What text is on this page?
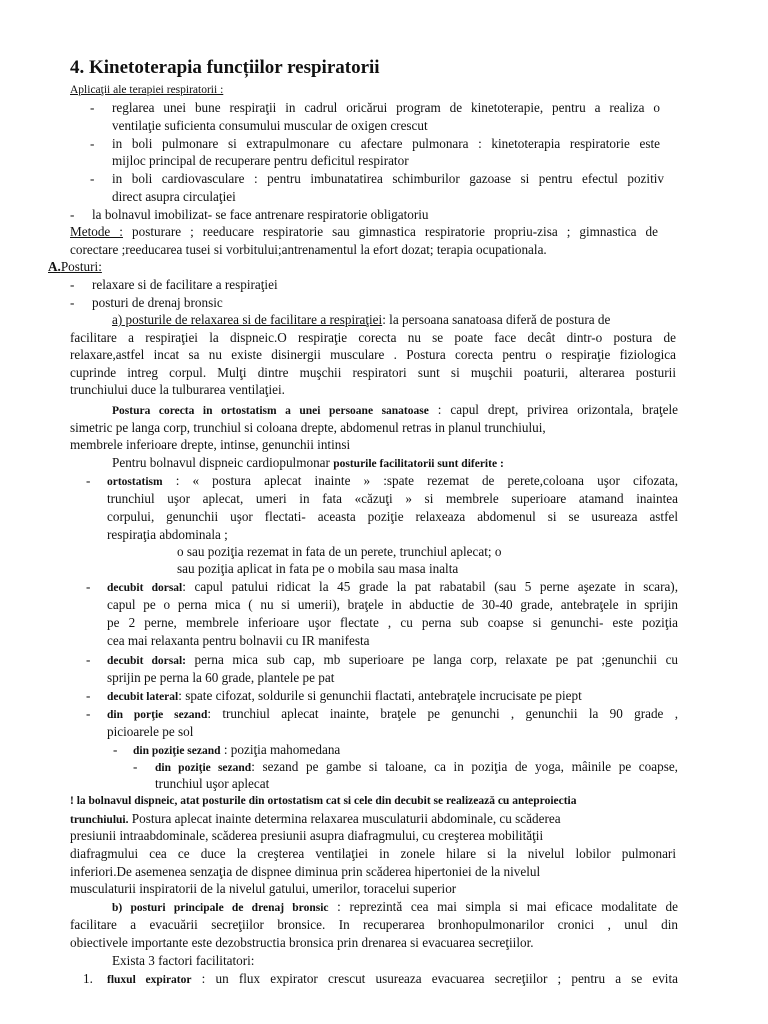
4. Kinetoterapia funcțiilor respiratorii
Aplicaţii ale terapiei respiratorii :
- reglarea unei bune respiraţii in cadrul oricărui program de kinetoterapie, pentru a realiza o
ventilaţie suficienta consumului muscular de oxigen crescut
- in boli pulmonare si extrapulmonare cu afectare pulmonara : kinetoterapia respiratorie este
mijloc principal de recuperare pentru deficitul respirator
- in boli cardiovasculare : pentru imbunatatirea schimburilor gazoase si pentru efectul pozitiv
direct asupra circulaţiei
- la bolnavul imobilizat- se face antrenare respiratorie obligatoriu
Metode : posturare ; reeducare respiratorie sau gimnastica respiratorie propriu-zisa ; gimnastica de
corectare ;reeducarea tusei si vorbitului;antrenamentul la efort dozat; terapia ocupationala.
A.Posturi:
- relaxare si de facilitare a respiraţiei
- posturi de drenaj bronsic
a) posturile de relaxarea si de facilitare a respiraţiei: la persoana sanatoasa diferă de postura de
facilitare a respiraţiei la dispneic.O respiraţie corecta nu se poate face decât dintr-o postura de
relaxare,astfel incat sa nu existe disinergii musculare . Postura corecta pentru o respiraţie fiziologica
cuprinde intreg corpul. Mulţi dintre muşchii respiratori sunt si muşchii poaturii, alterarea posturii
trunchiului duce la tulburarea ventilaţiei.
Postura corecta in ortostatism a unei persoane sanatoase : capul drept, privirea orizontala, braţele
simetric pe langa corp, trunchiul si coloana drepte, abdomenul retras in planul trunchiului,
membrele inferioare drepte, intinse, genunchii intinsi
Pentru bolnavul dispneic cardiopulmonar posturile facilitatorii sunt diferite :
- ortostatism : « postura aplecat inainte » :spate rezemat de perete,coloana uşor cifozata,
trunchiul uşor aplecat, umeri in fata «căzuţi » si membrele superioare atamand inaintea
corpului, genunchii uşor flectati- aceasta poziţie relaxeaza abdomenul si se usureaza astfel
respiraţia abdominala ;
o sau poziţia rezemat in fata de un perete, trunchiul aplecat; o
sau poziţia aplicat in fata pe o mobila sau masa inalta
- decubit dorsal: capul patului ridicat la 45 grade la pat rabatabil (sau 5 perne aşezate in scara),
capul pe o perna mica ( nu si umerii), braţele in abductie de 30-40 grade, antebraţele in sprijin
pe 2 perne, membrele inferioare uşor flectate , cu perna sub coapse si genunchi- este poziţia
cea mai relaxanta pentru bolnavii cu IR manifesta
- decubit dorsal: perna mica sub cap, mb superioare pe langa corp, relaxate pe pat ;genunchii cu
sprijin pe perna la 60 grade, plantele pe pat
- decubit lateral: spate cifozat, soldurile si genunchii flactati, antebraţele incrucisate pe piept
- din porţie sezand: trunchiul aplecat inainte, braţele pe genunchi , genunchii la 90 grade ,
picioarele pe sol
- din poziţie sezand : poziţia mahomedana
- din poziţie sezand: sezand pe gambe si taloane, ca in poziţia de yoga, mâinile pe coapse,
trunchiul uşor aplecat
! la bolnavul dispneic, atat posturile din ortostatism cat si cele din decubit se realizează cu anteproiectia
trunchiului. Postura aplecat inainte determina relaxarea musculaturii abdominale, cu scăderea
presiunii intraabdominale, scăderea presiunii asupra diafragmului, cu creşterea mobilităţii
diafragmului cea ce duce la creşterea ventilaţiei in zonele hilare si la nivelul lobilor pulmonari
inferiori.De asemenea senzaţia de dispnee diminua prin scăderea hipertoniei de la nivelul
musculaturii inspiratorii de la nivelul gatului, umerilor, toracelui superior
b) posturi principale de drenaj bronsic : reprezintă cea mai simpla si mai eficace modalitate de
facilitare a evacuării secreţiilor bronsice. In recuperarea bronhopulmonarilor cronici , unul din
obiectivele importante este dezobstructia bronsica prin drenarea si evacuarea secreţiilor.
Exista 3 factori facilitatori:
1. fluxul expirator : un flux expirator crescut usureaza evacuarea secreţiilor ; pentru a se evita
